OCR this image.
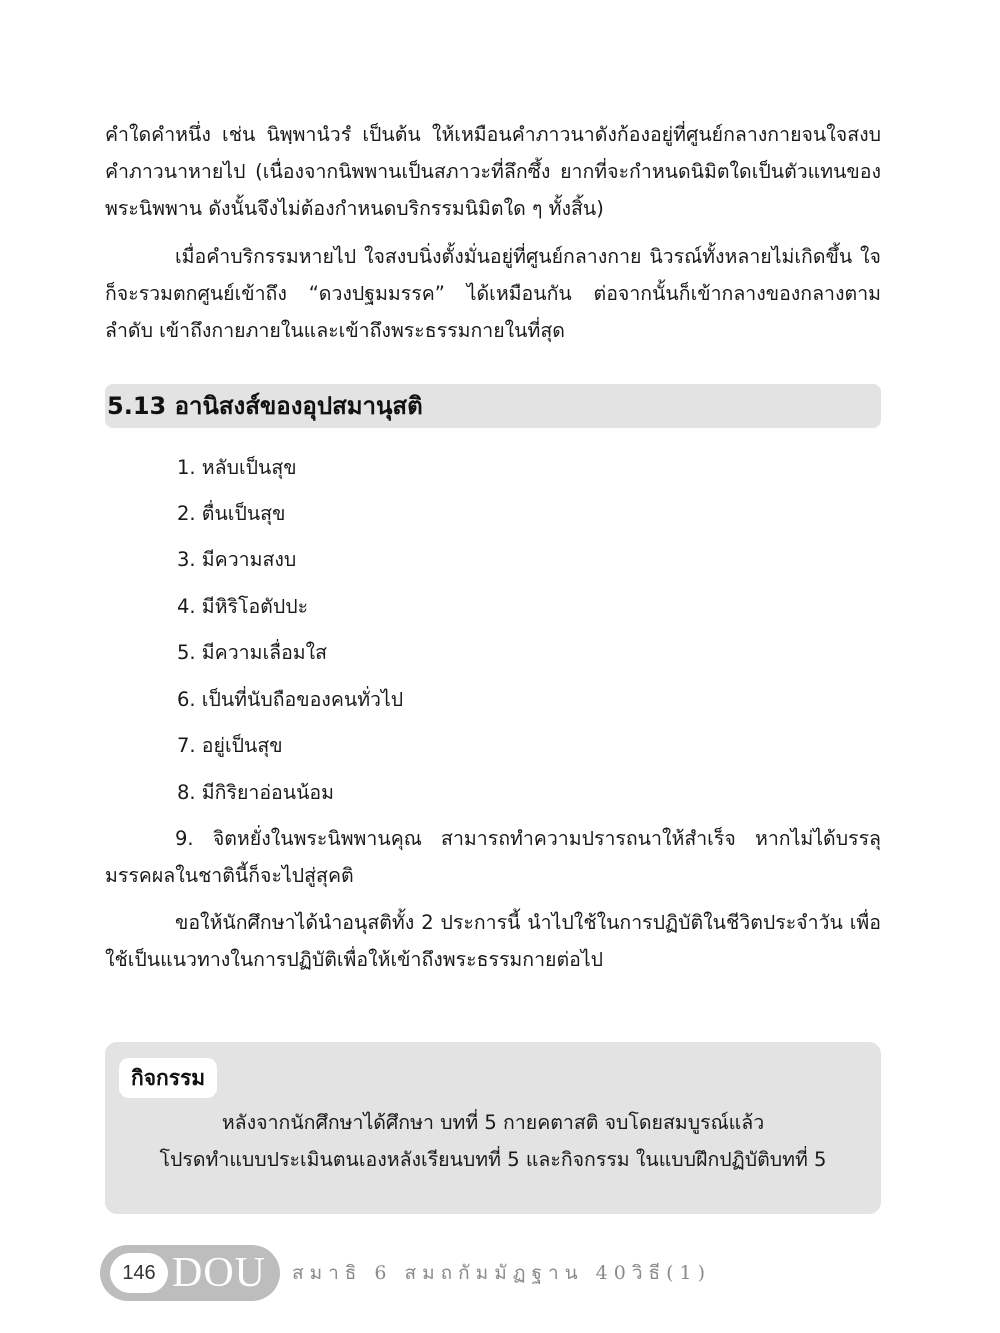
คำใดคำหนึ่ง เช่น นิพฺพานํวรํ เป็นต้น ให้เหมือนคำภาวนาดังก้องอยู่ที่ศูนย์กลางกายจนใจสงบ คำภาวนาหายไป (เนื่องจากนิพพานเป็นสภาวะที่ลึกซึ้ง ยากที่จะกำหนดนิมิตใดเป็นตัวแทนของพระนิพพาน ดังนั้นจึงไม่ต้องกำหนดบริกรรมนิมิตใด ๆ ทั้งสิ้น)

เมื่อคำบริกรรมหายไป ใจสงบนิ่งตั้งมั่นอยู่ที่ศูนย์กลางกาย นิวรณ์ทั้งหลายไม่เกิดขึ้น ใจก็จะรวมตกศูนย์เข้าถึง “ดวงปฐมมรรค” ได้เหมือนกัน ต่อจากนั้นก็เข้ากลางของกลางตามลำดับ เข้าถึงกายภายในและเข้าถึงพระธรรมกายในที่สุด

5.13 อานิสงส์ของอุปสมานุสติ
1. หลับเป็นสุข
2. ตื่นเป็นสุข
3. มีความสงบ
4. มีหิริโอตัปปะ
5. มีความเลื่อมใส
6. เป็นที่นับถือของคนทั่วไป
7. อยู่เป็นสุข
8. มีกิริยาอ่อนน้อม

9. จิตหยั่งในพระนิพพานคุณ สามารถทำความปรารถนาให้สำเร็จ หากไม่ได้บรรลุมรรคผลในชาตินี้ก็จะไปสู่สุคติ

ขอให้นักศึกษาได้นำอนุสติทั้ง 2 ประการนี้ นำไปใช้ในการปฏิบัติในชีวิตประจำวัน เพื่อใช้เป็นแนวทางในการปฏิบัติเพื่อให้เข้าถึงพระธรรมกายต่อไป

กิจกรรม

หลังจากนักศึกษาได้ศึกษา บทที่ 5 กายคตาสติ จบโดยสมบูรณ์แล้ว

โปรดทำแบบประเมินตนเองหลังเรียนบทที่ 5 และกิจกรรม ในแบบฝึกปฏิบัติบทที่ 5

146 DOU สมาธิ 6 สมถกัมมัฏฐาน 40วิธี(1)
